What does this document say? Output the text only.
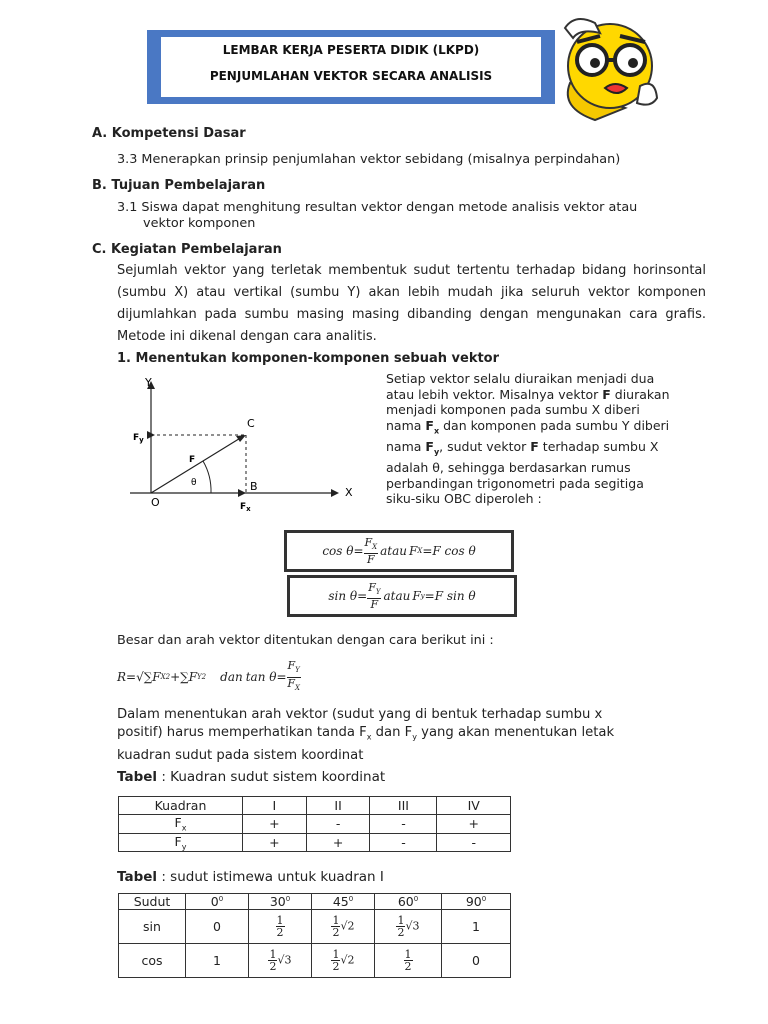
LEMBAR KERJA PESERTA DIDIK (LKPD)
PENJUMLAHAN VEKTOR SECARA ANALISIS
A. Kompetensi Dasar
3.3 Menerapkan prinsip penjumlahan vektor sebidang (misalnya perpindahan)
B. Tujuan Pembelajaran
3.1 Siswa dapat menghitung resultan vektor dengan metode analisis vektor atau
vektor komponen
C. Kegiatan Pembelajaran
Sejumlah vektor yang terletak membentuk sudut tertentu terhadap bidang horinsontal (sumbu X) atau vertikal (sumbu Y) akan lebih mudah jika seluruh vektor komponen dijumlahkan pada sumbu masing masing dibanding dengan mengunakan cara grafis. Metode ini dikenal dengan cara analitis.
1. Menentukan komponen-komponen sebuah vektor
Y
X
O
B
C
$F_y$
$F_x$
F
θ
Setiap vektor selalu diuraikan menjadi dua
atau lebih vektor. Misalnya vektor F diurakan
menjadi komponen pada sumbu X diberi
nama $F_x$ dan komponen pada sumbu Y diberi
nama $F_y$, sudut vektor F terhadap sumbu X
adalah θ, sehingga berdasarkan rumus
perbandingan trigonometri pada segitiga
siku-siku OBC diperoleh :
$\cos \theta= \frac{F_X}{F}$ atau F X =F cos θ
$\sin \theta= \frac{F_Y}{F}$ atau F y =F sin θ
Besar dan arah vektor ditentukan dengan cara berikut ini :
R=√∑F X 2 +∑F Y 2 dan $\tan \theta= \frac{F_Y}{F_X}$
Dalam menentukan arah vektor (sudut yang di bentuk terhadap sumbu x
positif) harus memperhatikan tanda $F_x$ dan $F_y$ yang akan menentukan letak
kuadran sudut pada sistem koordinat
Tabel : Kuadran sudut sistem koordinat
Kuadran	I	II	III	IV
$F_x$	+	-	-	+
$F_y$	+	+	-	-
Tabel : sudut istimewa untuk kuadran I
Sudut	$0^0$	$30^0$	$45^0$	$60^0$	$90^0$
sin	0	$\frac{1}{2}$	$\frac{1}{2} √2$	$\frac{1}{2} √3$	1
cos	1	$\frac{1}{2} √3$	$\frac{1}{2} √2$	$\frac{1}{2}$	0
